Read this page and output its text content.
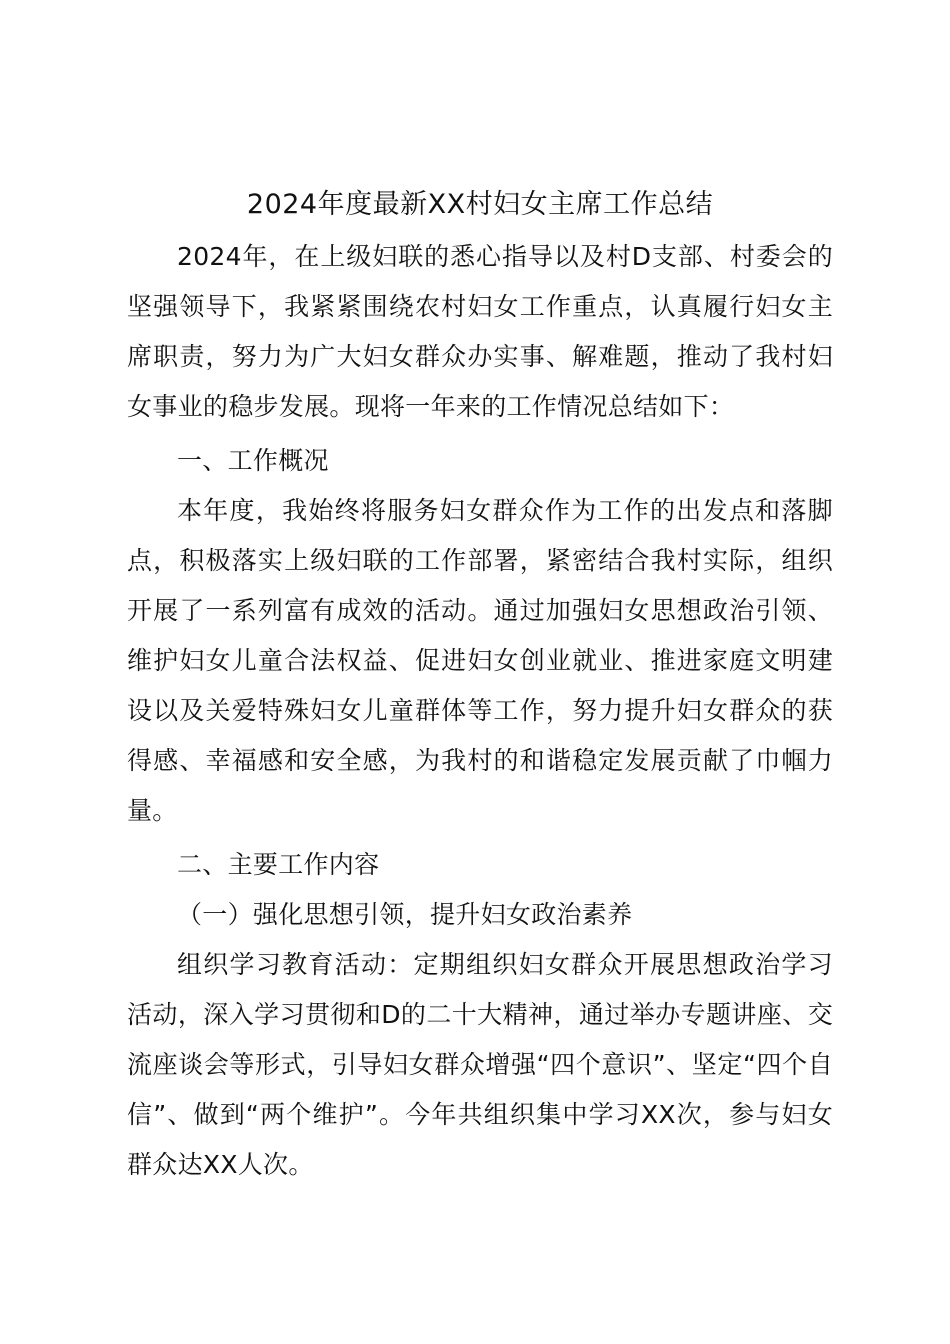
2024年度最新XX村妇女主席工作总结

2024年，在上级妇联的悉心指导以及村D支部、村委会的坚强领导下，我紧紧围绕农村妇女工作重点，认真履行妇女主席职责，努力为广大妇女群众办实事、解难题，推动了我村妇女事业的稳步发展。现将一年来的工作情况总结如下：

一、工作概况

本年度，我始终将服务妇女群众作为工作的出发点和落脚点，积极落实上级妇联的工作部署，紧密结合我村实际，组织开展了一系列富有成效的活动。通过加强妇女思想政治引领、维护妇女儿童合法权益、促进妇女创业就业、推进家庭文明建设以及关爱特殊妇女儿童群体等工作，努力提升妇女群众的获得感、幸福感和安全感，为我村的和谐稳定发展贡献了巾帼力量。

二、主要工作内容

（一）强化思想引领，提升妇女政治素养

组织学习教育活动：定期组织妇女群众开展思想政治学习活动，深入学习贯彻和D的二十大精神，通过举办专题讲座、交流座谈会等形式，引导妇女群众增强“四个意识”、坚定“四个自信”、做到“两个维护”。今年共组织集中学习XX次，参与妇女群众达XX人次。
